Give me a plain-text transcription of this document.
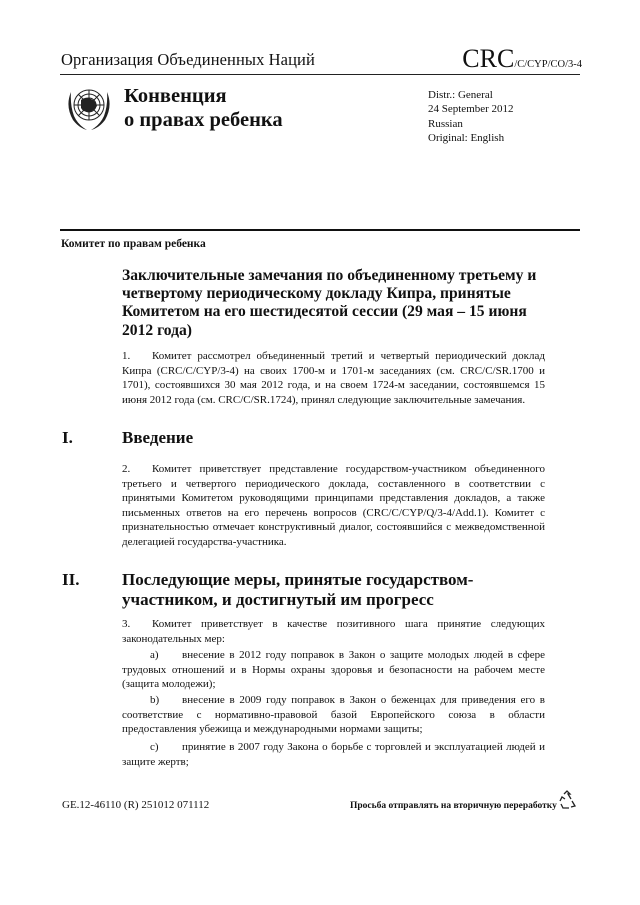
Организация Объединенных Наций	CRC/C/CYP/CO/3-4
Конвенция
о правах ребенка
Distr.: General
24 September 2012
Russian
Original: English
Комитет по правам ребенка
Заключительные замечания по объединенному третьему и четвертому периодическому докладу Кипра, принятые Комитетом на его шестидесятой сессии (29 мая – 15 июня 2012 года)
1. Комитет рассмотрел объединенный третий и четвертый периодический доклад Кипра (CRC/C/CYP/3-4) на своих 1700-м и 1701-м заседаниях (см. CRC/C/SR.1700 и 1701), состоявшихся 30 мая 2012 года, и на своем 1724-м заседании, состоявшемся 15 июня 2012 года (см. CRC/C/SR.1724), принял следующие заключительные замечания.
I.	Введение
2. Комитет приветствует представление государством-участником объединенного третьего и четвертого периодического доклада, составленного в соответствии с принятыми Комитетом руководящими принципами представления докладов, а также письменных ответов на его перечень вопросов (CRC/C/CYP/Q/3-4/Add.1). Комитет с признательностью отмечает конструктивный диалог, состоявшийся с межведомственной делегацией государства-участника.
II.	Последующие меры, принятые государством-участником, и достигнутый им прогресс
3. Комитет приветствует в качестве позитивного шага принятие следующих законодательных мер:
a) внесение в 2012 году поправок в Закон о защите молодых людей в сфере трудовых отношений и в Нормы охраны здоровья и безопасности на рабочем месте (защита молодежи);
b) внесение в 2009 году поправок в Закон о беженцах для приведения его в соответствие с нормативно-правовой базой Европейского союза в области предоставления убежища и международными нормами защиты;
c) принятие в 2007 году Закона о борьбе с торговлей и эксплуатацией людей и защите жертв;
GE.12-46110 (R) 251012 071112	Просьба отправлять на вторичную переработку
